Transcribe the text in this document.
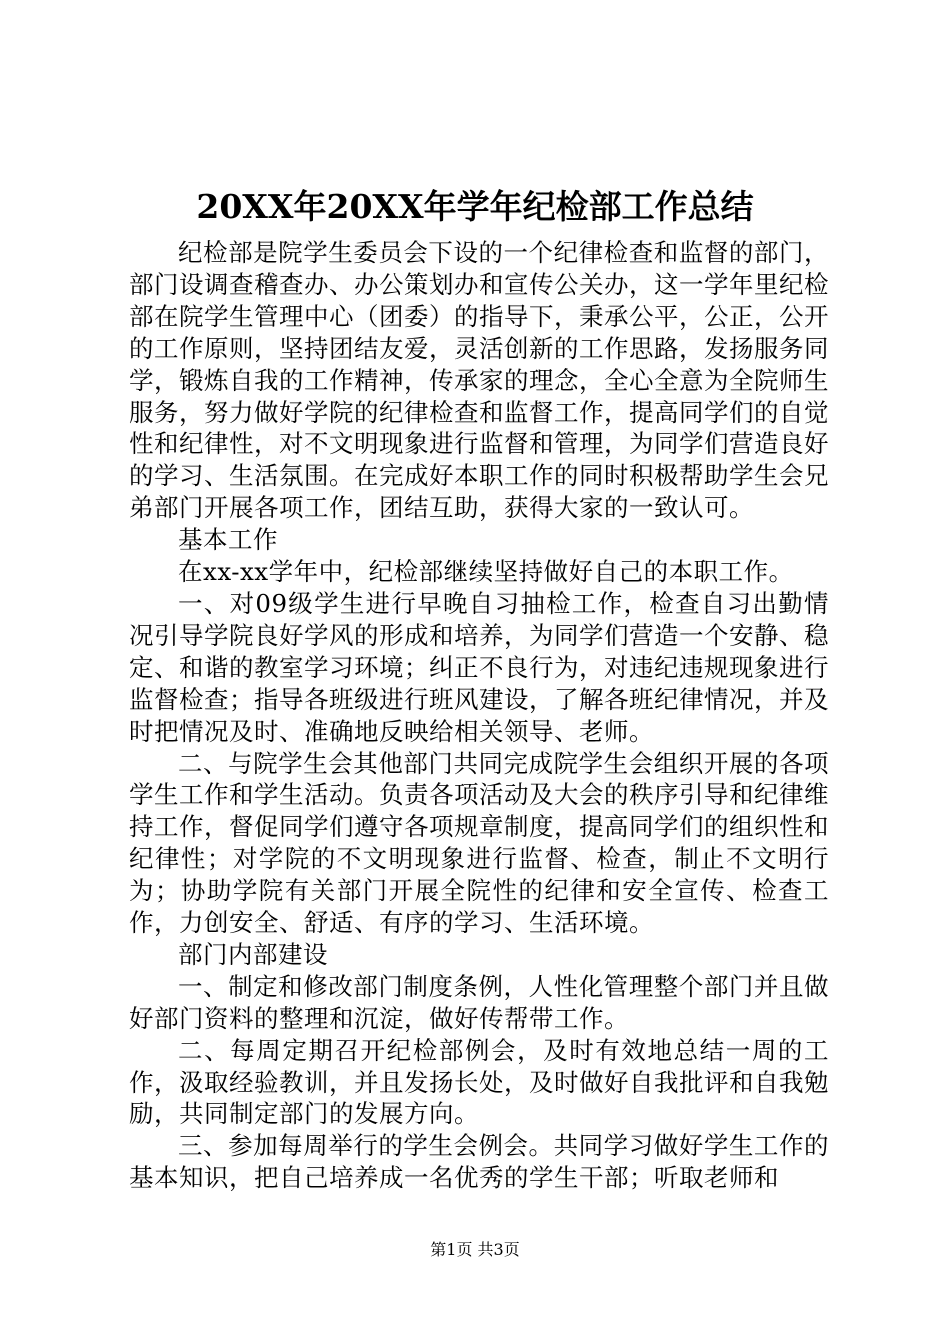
20XX年20XX年学年纪检部工作总结

纪检部是院学生委员会下设的一个纪律检查和监督的部门，部门设调查稽查办、办公策划办和宣传公关办，这一学年里纪检部在院学生管理中心（团委）的指导下，秉承公平，公正，公开的工作原则，坚持团结友爱，灵活创新的工作思路，发扬服务同学，锻炼自我的工作精神，传承家的理念，全心全意为全院师生服务，努力做好学院的纪律检查和监督工作，提高同学们的自觉性和纪律性，对不文明现象进行监督和管理，为同学们营造良好的学习、生活氛围。在完成好本职工作的同时积极帮助学生会兄弟部门开展各项工作，团结互助，获得大家的一致认可。

基本工作

在xx-xx学年中，纪检部继续坚持做好自己的本职工作。

一、对09级学生进行早晚自习抽检工作，检查自习出勤情况引导学院良好学风的形成和培养，为同学们营造一个安静、稳定、和谐的教室学习环境；纠正不良行为，对违纪违规现象进行监督检查；指导各班级进行班风建设，了解各班纪律情况，并及时把情况及时、准确地反映给相关领导、老师。

二、与院学生会其他部门共同完成院学生会组织开展的各项学生工作和学生活动。负责各项活动及大会的秩序引导和纪律维持工作，督促同学们遵守各项规章制度，提高同学们的组织性和纪律性；对学院的不文明现象进行监督、检查，制止不文明行为；协助学院有关部门开展全院性的纪律和安全宣传、检查工作，力创安全、舒适、有序的学习、生活环境。

部门内部建设

一、制定和修改部门制度条例，人性化管理整个部门并且做好部门资料的整理和沉淀，做好传帮带工作。

二、每周定期召开纪检部例会，及时有效地总结一周的工作，汲取经验教训，并且发扬长处，及时做好自我批评和自我勉励，共同制定部门的发展方向。

三、参加每周举行的学生会例会。共同学习做好学生工作的基本知识，把自己培养成一名优秀的学生干部；听取老师和

第1页 共3页
